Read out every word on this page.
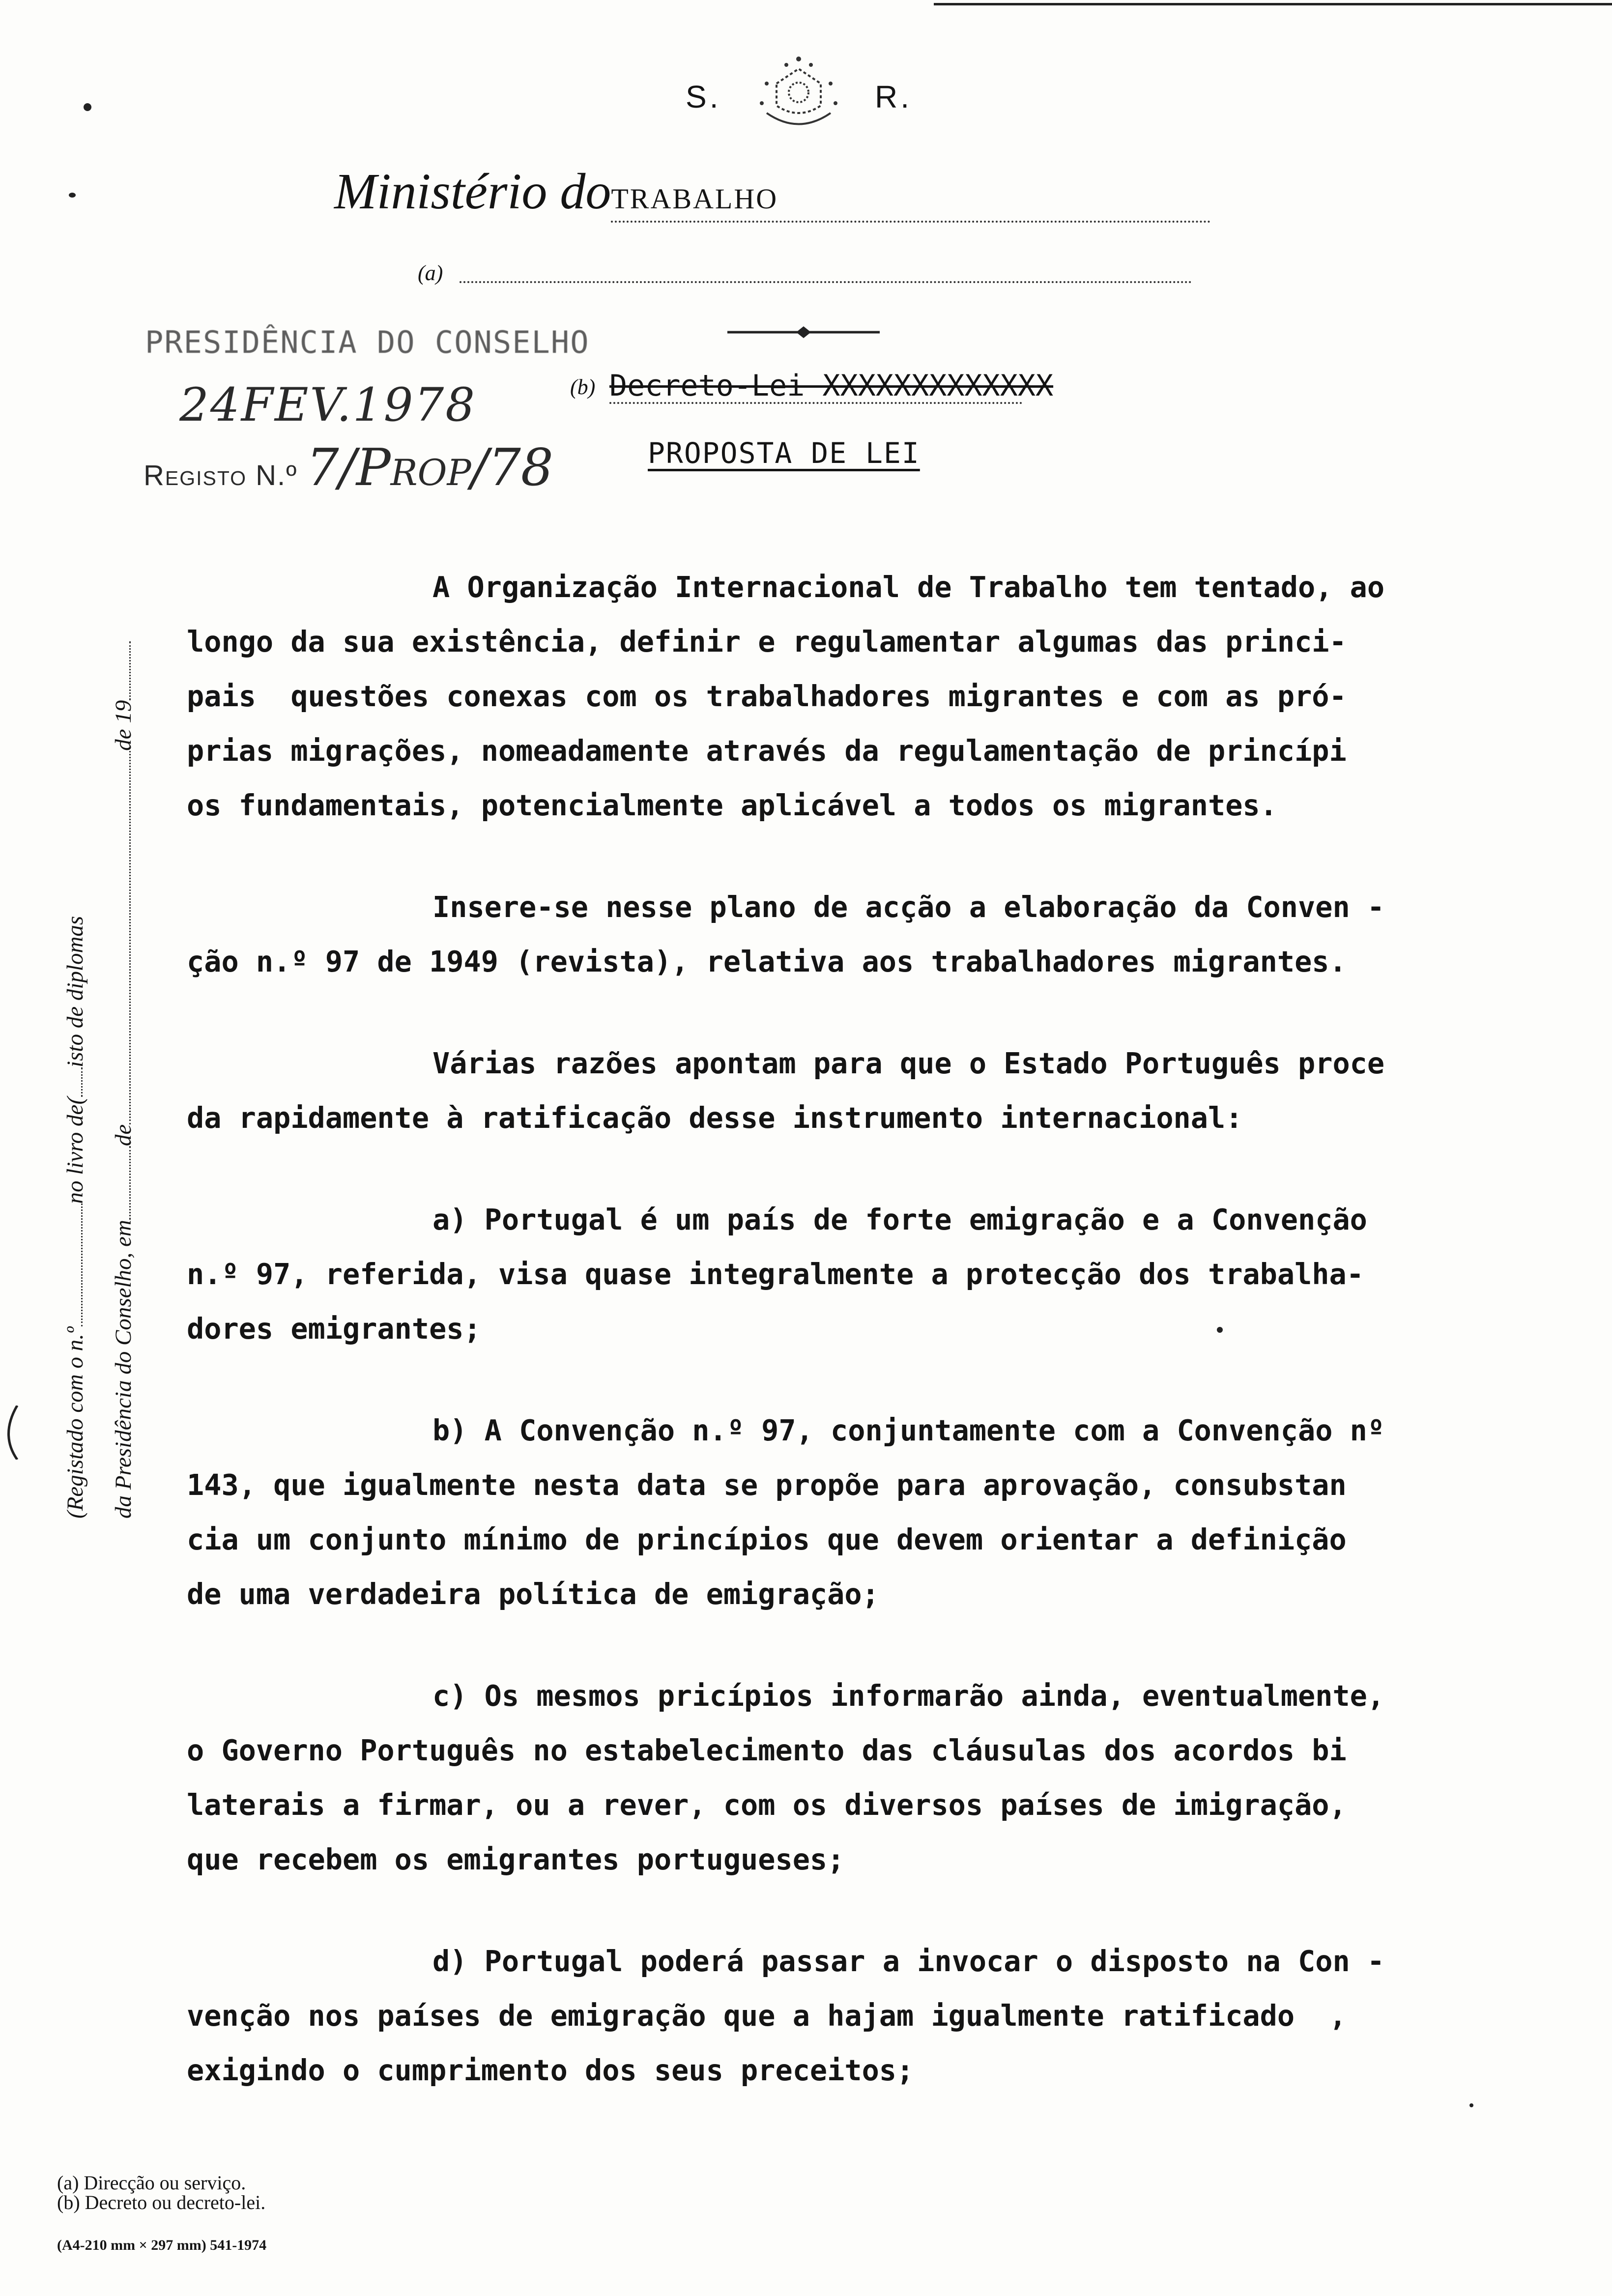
S.	R.
Ministério doTRABALHO
(a)
PRESIDÊNCIA DO CONSELHO
24FEV.1978
Registo N.º 7/Prop/78
(b) Decreto-Lei XXXXXXXXXXXXX
PROPOSTA DE LEI
(Registado com o n.ºno livro de(isto de diplomas
da Presidência do Conselho, emdede 19
A Organização Internacional de Trabalho tem tentado, ao
longo da sua existência, definir e regulamentar algumas das princi-
pais  questões conexas com os trabalhadores migrantes e com as pró-
prias migrações, nomeadamente através da regulamentação de princípi
os fundamentais, potencialmente aplicável a todos os migrantes.
Insere-se nesse plano de acção a elaboração da Conven -
ção n.º 97 de 1949 (revista), relativa aos trabalhadores migrantes.
Várias razões apontam para que o Estado Português proce
da rapidamente à ratificação desse instrumento internacional:
a) Portugal é um país de forte emigração e a Convenção
n.º 97, referida, visa quase integralmente a protecção dos trabalha-
dores emigrantes;
b) A Convenção n.º 97, conjuntamente com a Convenção nº
143, que igualmente nesta data se propõe para aprovação, consubstan
cia um conjunto mínimo de princípios que devem orientar a definição
de uma verdadeira política de emigração;
c) Os mesmos pricípios informarão ainda, eventualmente,
o Governo Português no estabelecimento das cláusulas dos acordos bi
laterais a firmar, ou a rever, com os diversos países de imigração,
que recebem os emigrantes portugueses;
d) Portugal poderá passar a invocar o disposto na Con -
venção nos países de emigração que a hajam igualmente ratificado  ,
exigindo o cumprimento dos seus preceitos;
(a) Direcção ou serviço.
(b) Decreto ou decreto-lei.
(A4-210 mm × 297 mm) 541-1974
